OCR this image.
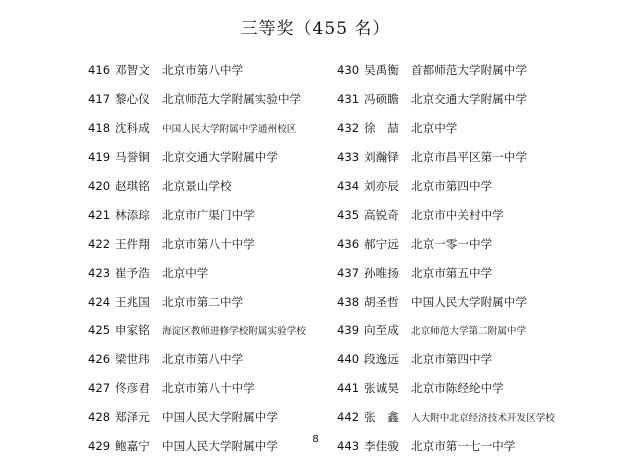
三等奖（455 名）
416 邓智文	北京市第八中学
417 黎心仪	北京师范大学附属实验中学
418 沈科成	中国人民大学附属中学通州校区
419 马誉铜	北京交通大学附属中学
420 赵琪铭	北京景山学校
421 林添琮	北京市广渠门中学
422 王件翔	北京市第八十中学
423 崔予浩	北京中学
424 王兆国	北京市第二中学
425 申家铭	海淀区教师进修学校附属实验学校
426 梁世玮	北京市第八中学
427 佟彦君	北京市第八十中学
428 郑泽元	中国人民大学附属中学
429 鲍嘉宁	中国人民大学附属中学
430 吴禹衡	首都师范大学附属中学
431 冯硕瞻	北京交通大学附属中学
432 徐　喆	北京中学
433 刘瀚铎	北京市昌平区第一中学
434 刘亦辰	北京市第四中学
435 高锐奇	北京市中关村中学
436 郝宁远	北京一零一中学
437 孙唯扬	北京市第五中学
438 胡圣哲	中国人民大学附属中学
439 向至成	北京师范大学第二附属中学
440 段逸远	北京市第四中学
441 张诚昊	北京市陈经纶中学
442 张　鑫	人大附中北京经济技术开发区学校
443 李佳骏	北京市第一七一中学
8
